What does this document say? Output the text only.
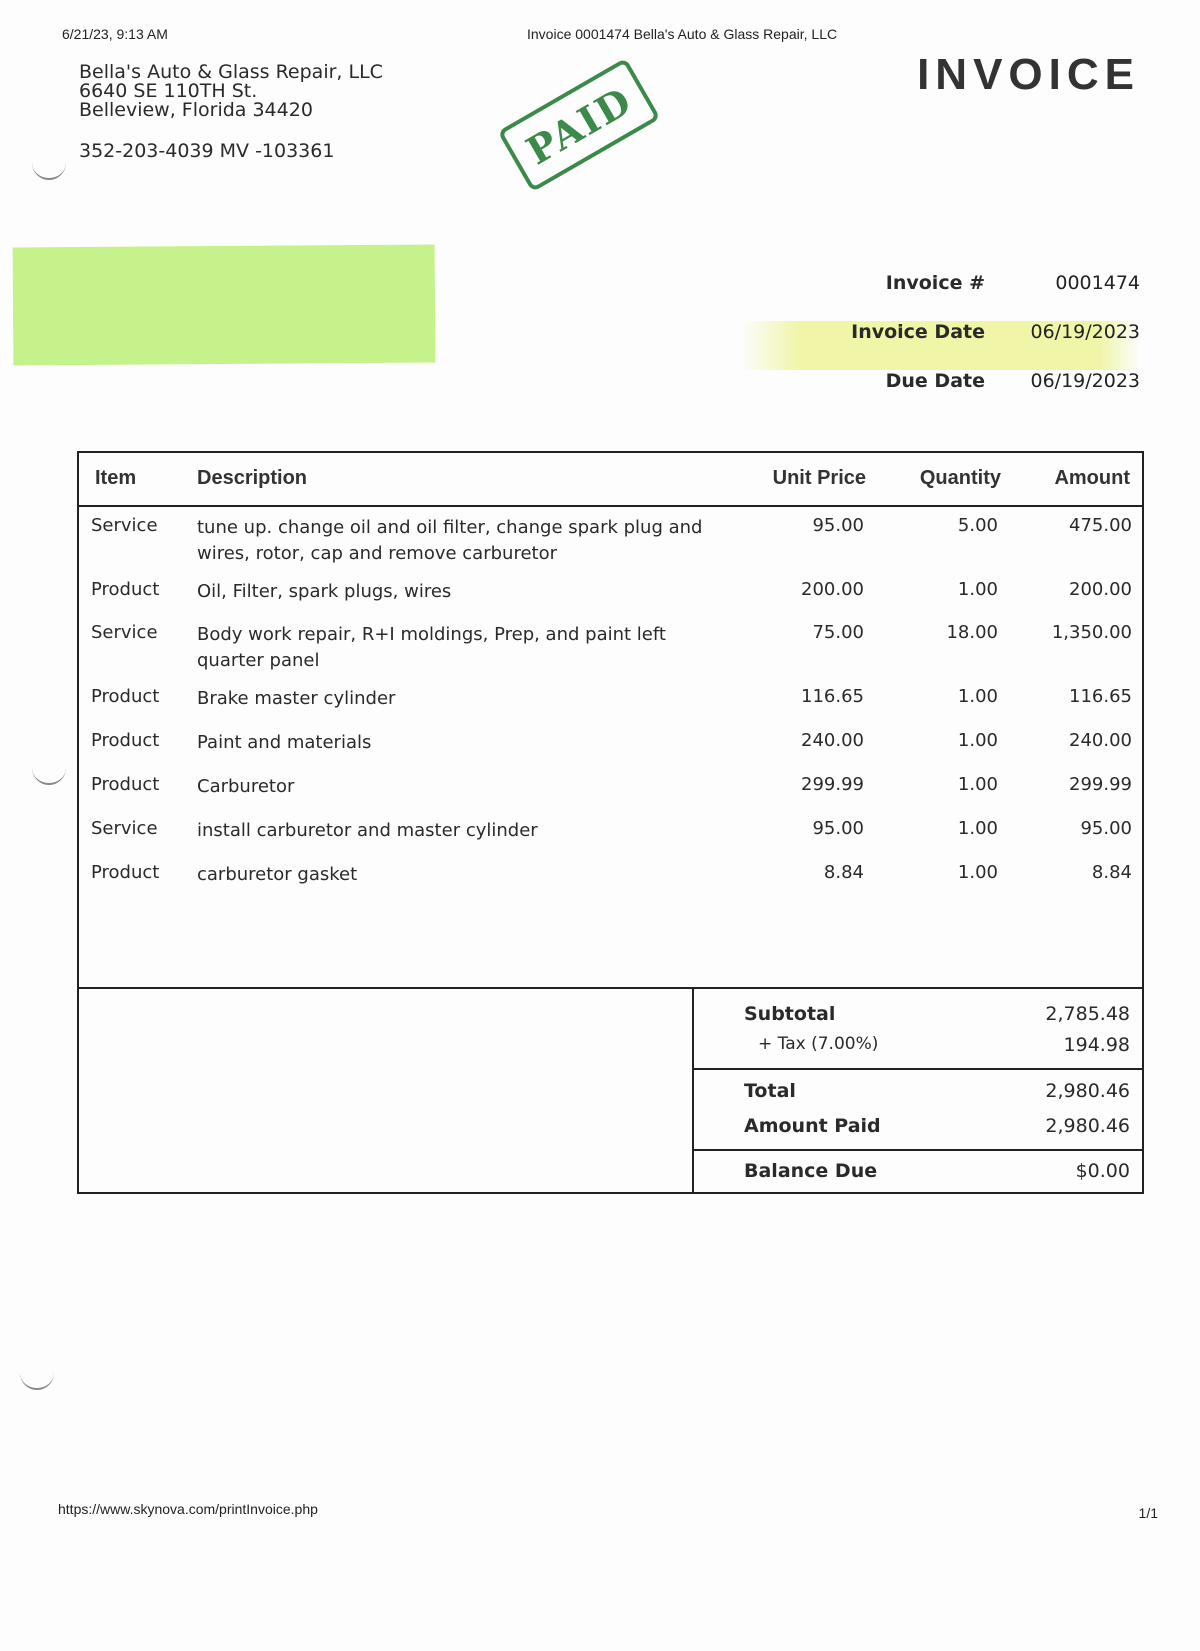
6/21/23, 9:13 AM	Invoice 0001474 Bella's Auto & Glass Repair, LLC
Bella's Auto & Glass Repair, LLC
6640 SE 110TH St.
Belleview, Florida 34420
352-203-4039 MV -103361
INVOICE
PAID
Invoice #	0001474
Invoice Date	06/19/2023
Due Date	06/19/2023
Item	Description	Unit Price	Quantity	Amount
Service tune up. change oil and oil filter, change spark plug and
wires, rotor, cap and remove carburetor
95.00	5.00	475.00
Product Oil, Filter, spark plugs, wires	200.00	1.00	200.00
Service Body work repair, R+I moldings, Prep, and paint left
quarter panel
75.00	18.00	1,350.00
Product Brake master cylinder	116.65	1.00	116.65
Product Paint and materials	240.00	1.00	240.00
Product Carburetor	299.99	1.00	299.99
Service install carburetor and master cylinder	95.00	1.00	95.00
Product carburetor gasket	8.84	1.00	8.84
Subtotal	2,785.48
+ Tax (7.00%)	194.98
Total	2,980.46
Amount Paid	2,980.46
Balance Due	$0.00
https://www.skynova.com/printInvoice.php	1/1
